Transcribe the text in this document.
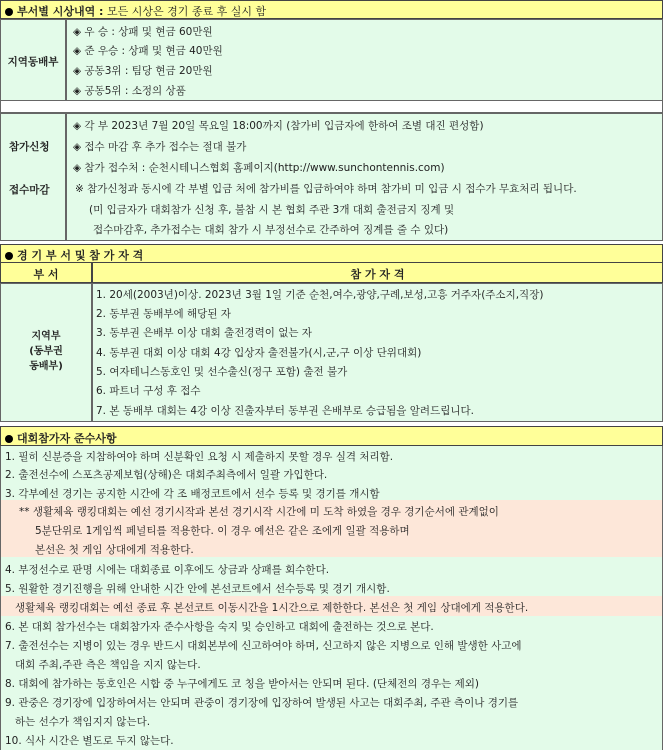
부서별 시상내역 : 모든 시상은 경기 종료 후 실시 함
지역동배부
◈ 우 승 : 상패 및 현금 60만원
◈ 준 우승 : 상패 및 현금 40만원
◈ 공동3위 : 팀당 현금 20만원
◈ 공동5위 : 소정의 상품
참가신청
접수마감
◈ 각 부 2023년 7월 20일 목요일 18:00까지 (참가비 입금자에 한하여 조별 대진 편성함)
◈ 접수 마감 후 추가 접수는 절대 불가
◈ 참가 접수처 : 순천시테니스협회 홈페이지(http://www.sunchontennis.com)
※ 참가신청과 동시에 각 부별 입금 처에 참가비를 입금하여야 하며 참가비 미 입금 시 접수가 무효처리 됩니다.
(미 입금자가 대회참가 신청 후, 불참 시 본 협회 주관 3개 대회 출전금지 징계 및
접수마감후, 추가접수는 대회 참가 시 부정선수로 간주하여 징계를 줄 수 있다)
경 기 부 서 및 참 가 자 격
부 서	참 가 자 격
지역부
(동부권
동배부)
1. 20세(2003년)이상. 2023년 3월 1일 기준 순천,여수,광양,구례,보성,고흥 거주자(주소지,직장)
2. 동부권 동배부에 해당된 자
3. 동부권 은배부 이상 대회 출전경력이 없는 자
4. 동부권 대회 이상 대회 4강 입상자 출전불가(시,군,구 이상 단위대회)
5. 여자테니스동호인 및 선수출신(정구 포함) 출전 불가
6. 파트너 구성 후 접수
7. 본 동배부 대회는 4강 이상 진출자부터 동부권 은배부로 승급됨을 알려드립니다.
대회참가자 준수사항
1. 필히 신분증을 지참하여야 하며 신분확인 요청 시 제출하지 못할 경우 실격 처리함.
2. 출전선수에 스포츠공제보험(상해)은 대회주최측에서 일괄 가입한다.
3. 각부예선 경기는 공지한 시간에 각 조 배정코트에서 선수 등록 및 경기를 개시함
** 생활체육 랭킹대회는 예선 경기시작과 본선 경기시작 시간에 미 도착 하였을 경우 경기순서에 관계없이
5분단위로 1게임씩 페널티를 적용한다. 이 경우 예선은 같은 조에게 일괄 적용하며
본선은 첫 게임 상대에게 적용한다.
4. 부정선수로 판명 시에는 대회종료 이후에도 상금과 상패를 회수한다.
5. 원활한 경기진행을 위해 안내한 시간 안에 본선코트에서 선수등록 및 경기 개시함.
생활체육 랭킹대회는 예선 종료 후 본선코트 이동시간을 1시간으로 제한한다. 본선은 첫 게임 상대에게 적용한다.
6. 본 대회 참가선수는 대회참가자 준수사항을 숙지 및 승인하고 대회에 출전하는 것으로 본다.
7. 출전선수는 지병이 있는 경우 반드시 대회본부에 신고하여야 하며, 신고하지 않은 지병으로 인해 발생한 사고에
대회 주최,주관 측은 책임을 지지 않는다.
8. 대회에 참가하는 동호인은 시합 중 누구에게도 코 칭을 받아서는 안되며 된다. (단체전의 경우는 제외)
9. 관중은 경기장에 입장하여서는 안되며 관중이 경기장에 입장하여 발생된 사고는 대회주최, 주관 측이나 경기를
하는 선수가 책임지지 않는다.
10. 식사 시간은 별도로 두지 않는다.
